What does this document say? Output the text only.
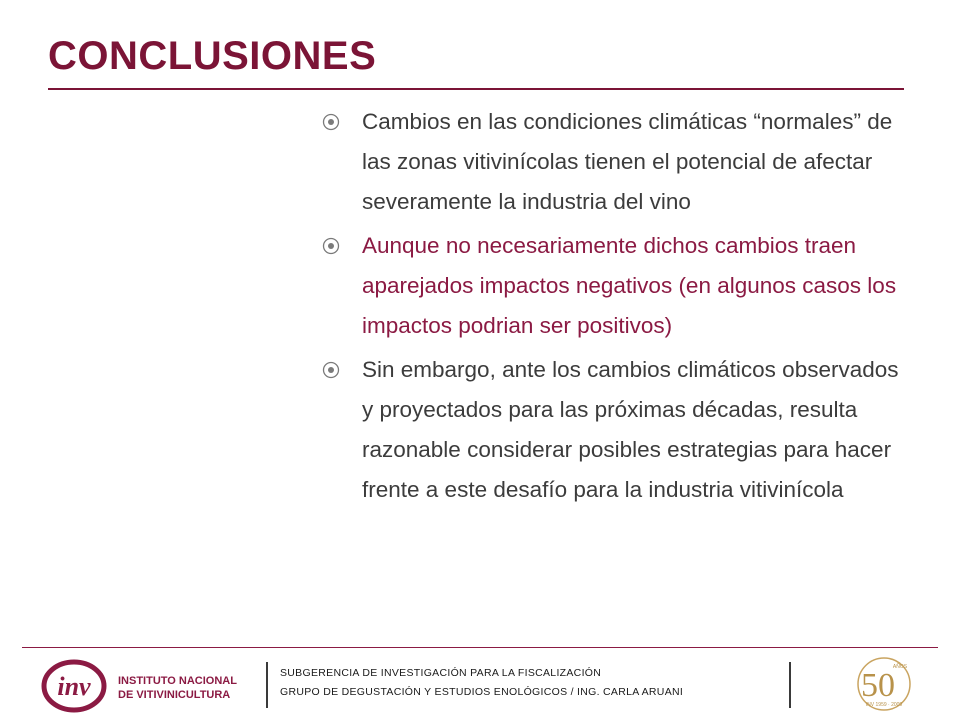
CONCLUSIONES
Cambios en las condiciones climáticas “normales” de las zonas vitivinícolas tienen el potencial de afectar severamente la industria del vino
Aunque no necesariamente dichos cambios traen aparejados impactos negativos (en algunos casos los impactos podrian ser positivos)
Sin embargo, ante los cambios climáticos observados y proyectados para las próximas décadas, resulta razonable considerar posibles estrategias para hacer frente a este desafío para la industria vitivinícola
inv INSTITUTO NACIONAL
DE VITIVINICULTURA
SUBGERENCIA DE INVESTIGACIÓN PARA LA FISCALIZACIÓN
GRUPO DE DEGUSTACIÓN Y ESTUDIOS ENOLÓGICOS / ING. CARLA ARUANI	50
AÑOS
INV 1959 · 2009
